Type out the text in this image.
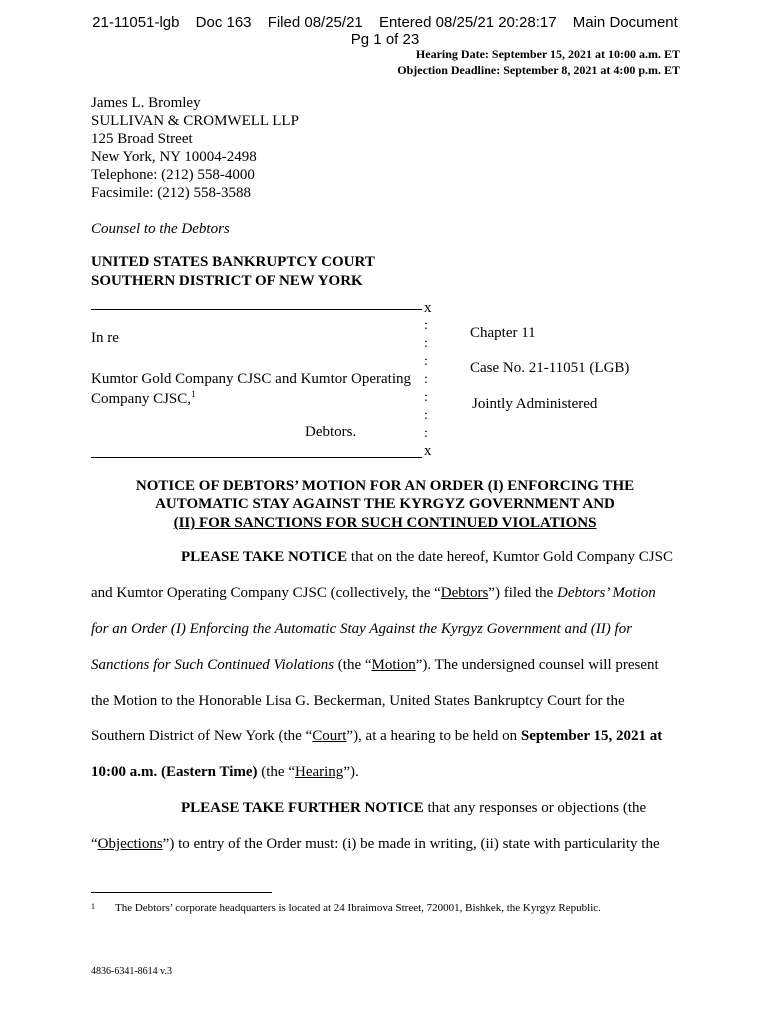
21-11051-lgb Doc 163 Filed 08/25/21 Entered 08/25/21 20:28:17 Main Document
Pg 1 of 23
Hearing Date: September 15, 2021 at 10:00 a.m. ET
Objection Deadline: September 8, 2021 at 4:00 p.m. ET
James L. Bromley
SULLIVAN & CROMWELL LLP
125 Broad Street
New York, NY 10004-2498
Telephone: (212) 558-4000
Facsimile: (212) 558-3588
Counsel to the Debtors
UNITED STATES BANKRUPTCY COURT
SOUTHERN DISTRICT OF NEW YORK
x
x
:
:
:
:
:
:
:
In re
Kumtor Gold Company CJSC and Kumtor Operating
Company CJSC,$^1$
Debtors.
Chapter 11
Case No. 21-11051 (LGB)
Jointly Administered
NOTICE OF DEBTORS’ MOTION FOR AN ORDER (I) ENFORCING THE
AUTOMATIC STAY AGAINST THE KYRGYZ GOVERNMENT AND
(II) FOR SANCTIONS FOR SUCH CONTINUED VIOLATIONS
PLEASE TAKE NOTICE that on the date hereof, Kumtor Gold Company CJSC
and Kumtor Operating Company CJSC (collectively, the “Debtors”) filed the Debtors’ Motion
for an Order (I) Enforcing the Automatic Stay Against the Kyrgyz Government and (II) for
Sanctions for Such Continued Violations (the “Motion”). The undersigned counsel will present
the Motion to the Honorable Lisa G. Beckerman, United States Bankruptcy Court for the
Southern District of New York (the “Court”), at a hearing to be held on September 15, 2021 at
10:00 a.m. (Eastern Time) (the “Hearing”).
PLEASE TAKE FURTHER NOTICE that any responses or objections (the
“Objections”) to entry of the Order must: (i) be made in writing, (ii) state with particularity the
$^1$ The Debtors’ corporate headquarters is located at 24 Ibraimova Street, 720001, Bishkek, the Kyrgyz Republic.
4836-6341-8614 v.3
